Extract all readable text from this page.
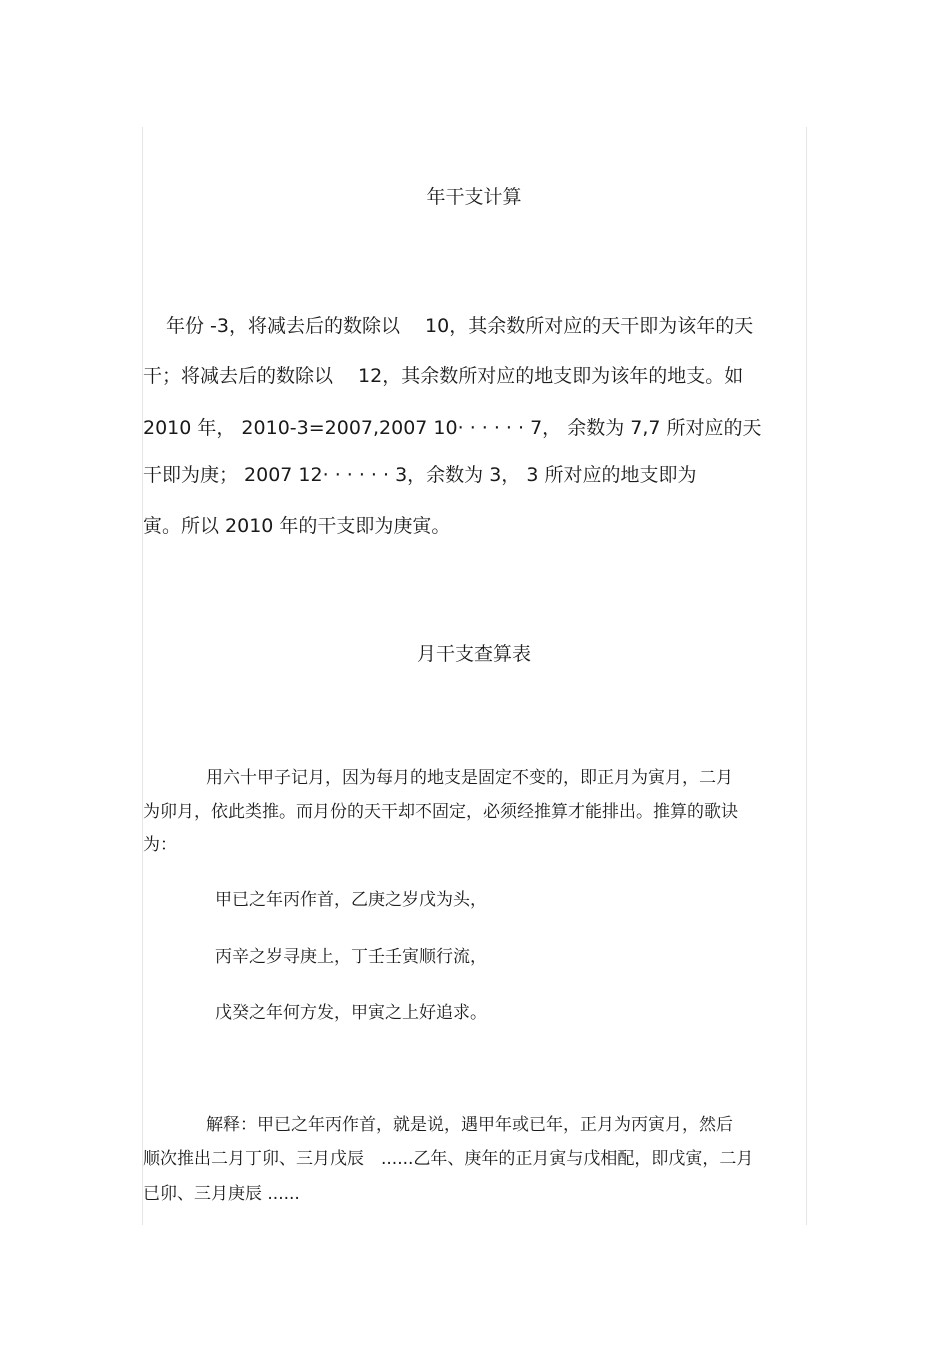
年干支计算
年份 -3，将减去后的数除以　 10，其余数所对应的天干即为该年的天
干；将减去后的数除以　 12，其余数所对应的地支即为该年的地支。如
2010 年， 2010-3=2007,2007 10· · · · · · 7， 余数为 7,7 所对应的天
干即为庚； 2007 12· · · · · · 3，余数为 3， 3 所对应的地支即为
寅。所以 2010 年的干支即为庚寅。
月干支查算表
用六十甲子记月，因为每月的地支是固定不变的，即正月为寅月，二月
为卯月，依此类推。而月份的天干却不固定，必须经推算才能排出。推算的歌诀
为：
甲已之年丙作首，乙庚之岁戊为头，
丙辛之岁寻庚上，丁壬壬寅顺行流，
戊癸之年何方发，甲寅之上好追求。
解释：甲已之年丙作首，就是说，遇甲年或已年，正月为丙寅月，然后
顺次推出二月丁卯、三月戊辰　......乙年、庚年的正月寅与戊相配，即戊寅，二月
已卯、三月庚辰 ......
